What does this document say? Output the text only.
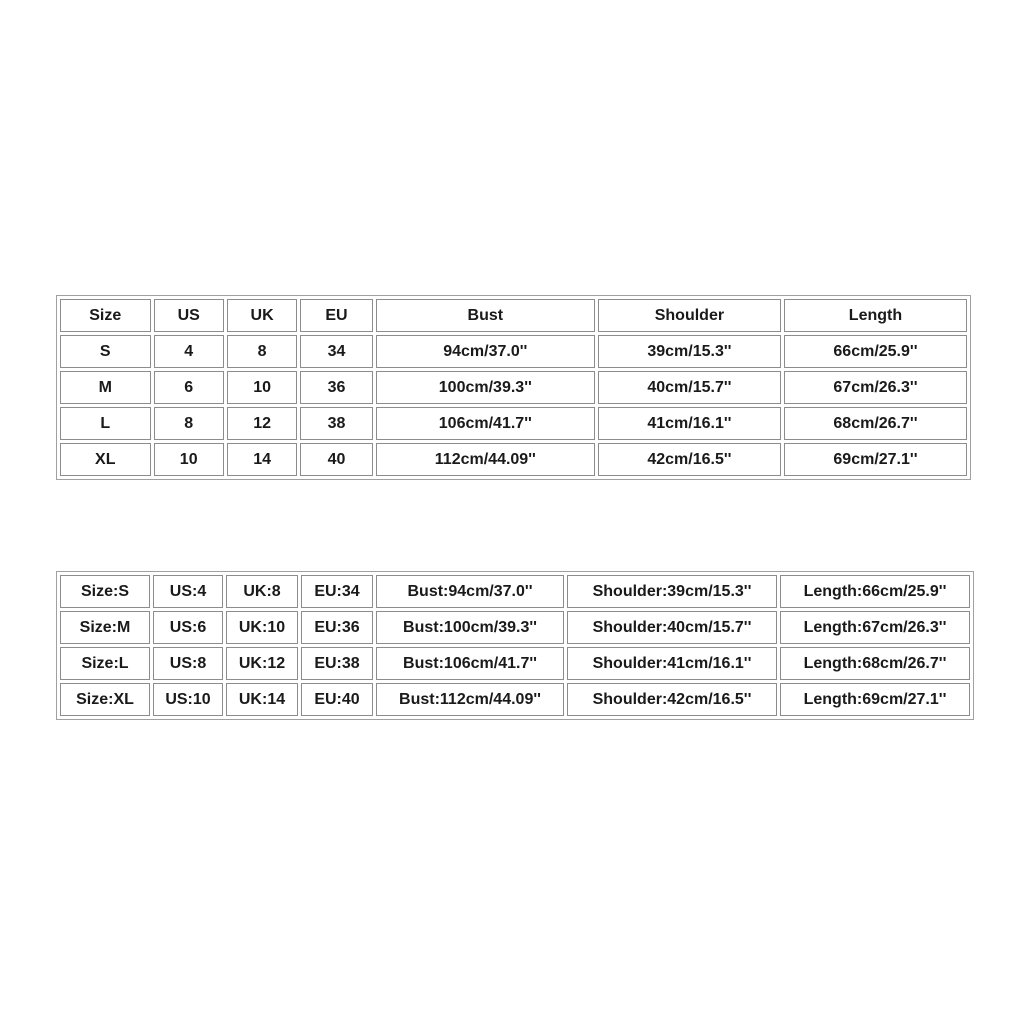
Size	US	UK	EU	Bust	Shoulder	Length
S	4	8	34	94cm/37.0''	39cm/15.3''	66cm/25.9''
M	6	10	36	100cm/39.3''	40cm/15.7''	67cm/26.3''
L	8	12	38	106cm/41.7''	41cm/16.1''	68cm/26.7''
XL	10	14	40	112cm/44.09''	42cm/16.5''	69cm/27.1''
Size:S	US:4	UK:8	EU:34	Bust:94cm/37.0''	Shoulder:39cm/15.3''	Length:66cm/25.9''
Size:M	US:6	UK:10	EU:36	Bust:100cm/39.3''	Shoulder:40cm/15.7''	Length:67cm/26.3''
Size:L	US:8	UK:12	EU:38	Bust:106cm/41.7''	Shoulder:41cm/16.1''	Length:68cm/26.7''
Size:XL	US:10	UK:14	EU:40	Bust:112cm/44.09''	Shoulder:42cm/16.5''	Length:69cm/27.1''
